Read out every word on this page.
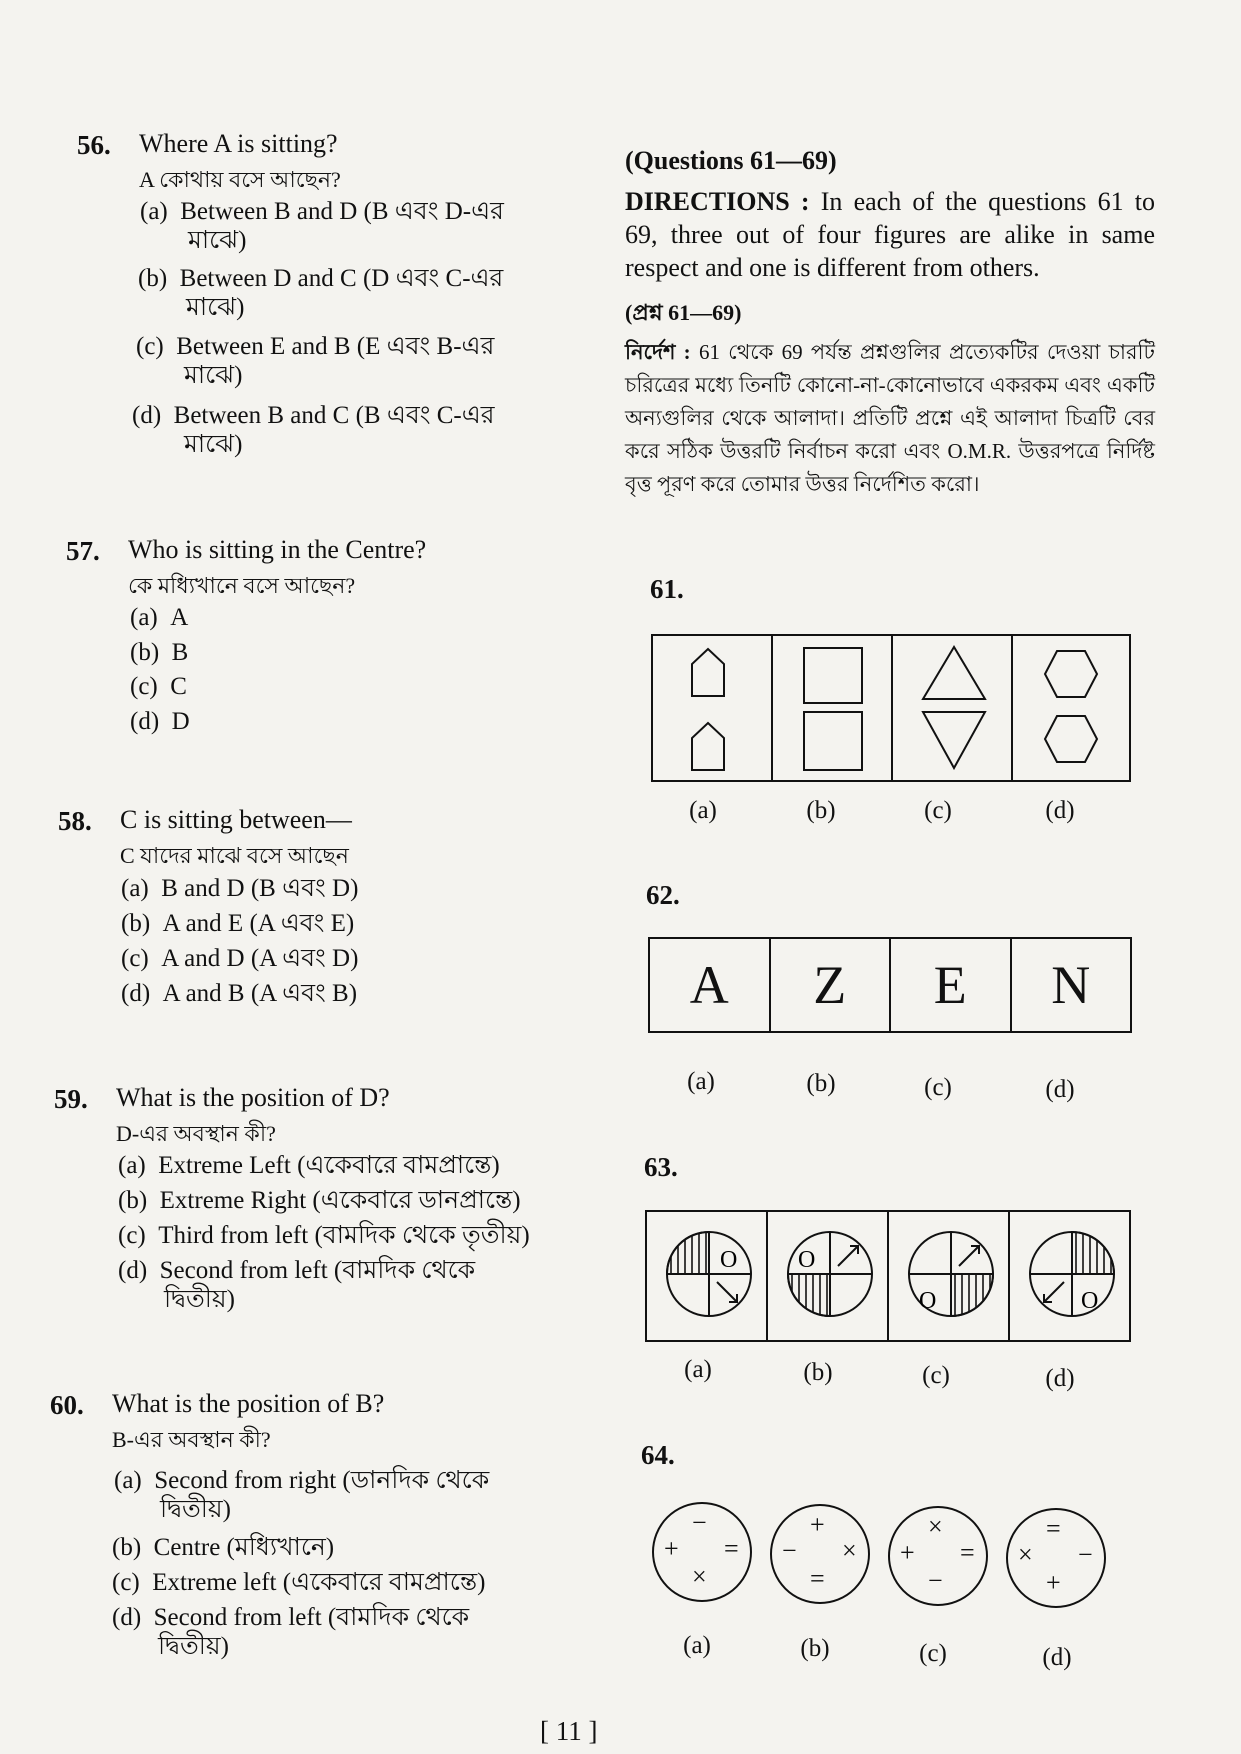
56. Where A is sitting?
A কোথায় বসে আছেন?
(a) Between B and D (B এবং D-এর
মাঝে)
(b) Between D and C (D এবং C-এর
মাঝে)
(c) Between E and B (E এবং B-এর
মাঝে)
(d) Between B and C (B এবং C-এর
মাঝে)
57. Who is sitting in the Centre?
কে মধ্যিখানে বসে আছেন?
(a) A
(b) B
(c) C
(d) D
58. C is sitting between—
C যাদের মাঝে বসে আছেন
(a) B and D (B এবং D)
(b) A and E (A এবং E)
(c) A and D (A এবং D)
(d) A and B (A এবং B)
59. What is the position of D?
D-এর অবস্থান কী?
(a) Extreme Left (একেবারে বামপ্রান্তে)
(b) Extreme Right (একেবারে ডানপ্রান্তে)
(c) Third from left (বামদিক থেকে তৃতীয়)
(d) Second from left (বামদিক থেকে
দ্বিতীয়)
60. What is the position of B?
B-এর অবস্থান কী?
(a) Second from right (ডানদিক থেকে
দ্বিতীয়)
(b) Centre (মধ্যিখানে)
(c) Extreme left (একেবারে বামপ্রান্তে)
(d) Second from left (বামদিক থেকে
দ্বিতীয়)
(Questions 61—69)
DIRECTIONS : In each of the questions 61 to 69, three out of four figures are alike in same respect and one is different from others.
(প্রশ্ন 61—69)
নির্দেশ : 61 থেকে 69 পর্যন্ত প্রশ্নগুলির প্রত্যেকটির দেওয়া চারটি চরিত্রের মধ্যে তিনটি কোনো-না-কোনোভাবে একরকম এবং একটি অন্যগুলির থেকে আলাদা। প্রতিটি প্রশ্নে এই আলাদা চিত্রটি বের করে সঠিক উত্তরটি নির্বাচন করো এবং O.M.R. উত্তরপত্রে নির্দিষ্ট বৃত্ত পূরণ করে তোমার উত্তর নির্দেশিত করো।
61.
(a)	(b)	(c)	(d)
62.
A	Z	E	N
(a)	(b)	(c)	(d)
63.
O	O
O	O
(a)	(b)	(c)	(d)
64.
−
+ =
×
+
− ×
=
×
+ =
−
=
× −
+
(a)	(b)	(c)	(d)
[ 11 ]
